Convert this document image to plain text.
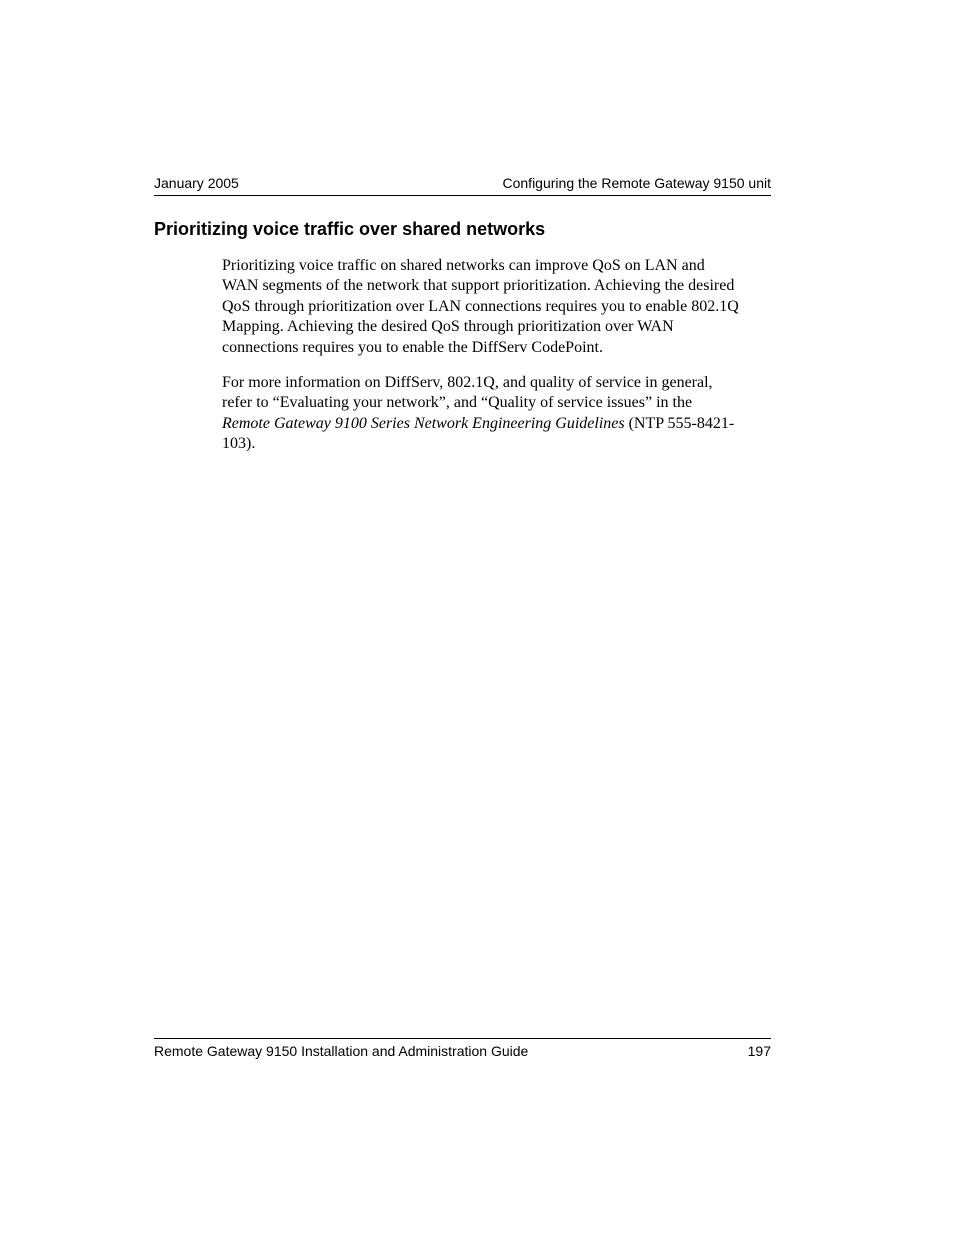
January 2005	Configuring the Remote Gateway 9150 unit
Prioritizing voice traffic over shared networks

Prioritizing voice traffic on shared networks can improve QoS on LAN and
WAN segments of the network that support prioritization. Achieving the desired
QoS through prioritization over LAN connections requires you to enable 802.1Q
Mapping. Achieving the desired QoS through prioritization over WAN
connections requires you to enable the DiffServ CodePoint.

For more information on DiffServ, 802.1Q, and quality of service in general,
refer to “Evaluating your network”, and “Quality of service issues” in the
Remote Gateway 9100 Series Network Engineering Guidelines (NTP 555-8421-
103).

Remote Gateway 9150 Installation and Administration Guide	197
